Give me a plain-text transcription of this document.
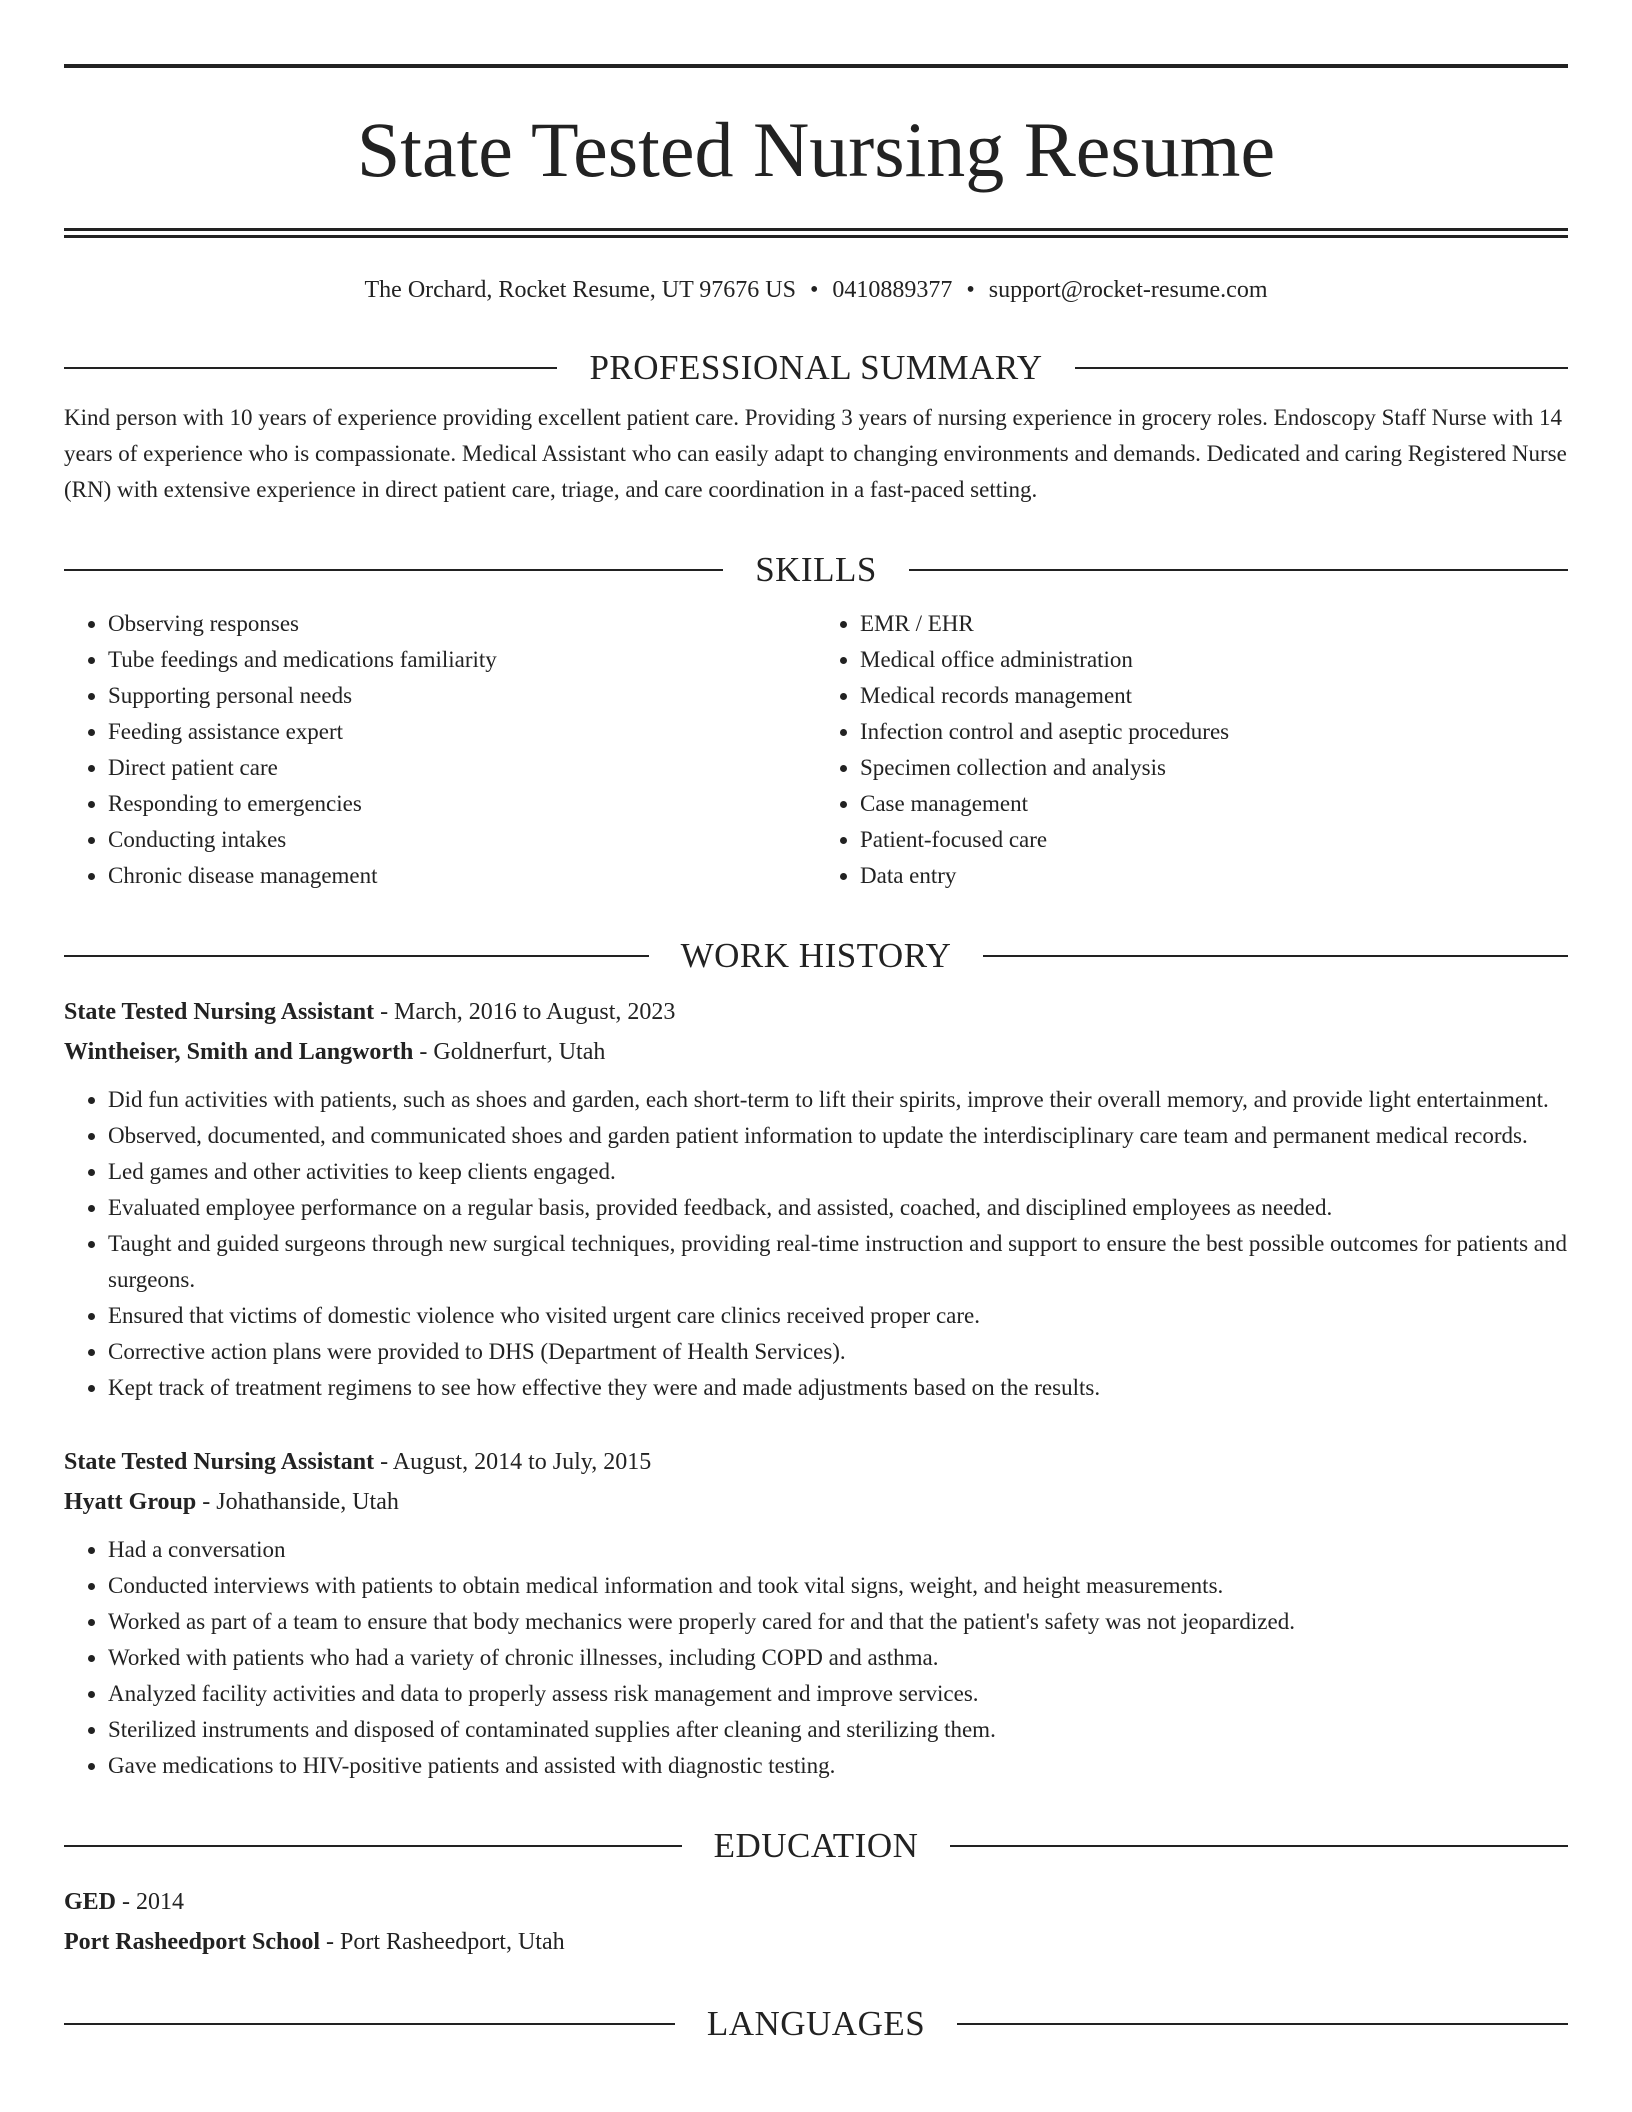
State Tested Nursing Resume
The Orchard, Rocket Resume, UT 97676 US • 0410889377 • support@rocket-resume.com
PROFESSIONAL SUMMARY
Kind person with 10 years of experience providing excellent patient care. Providing 3 years of nursing experience in grocery roles. Endoscopy Staff Nurse with 14 years of experience who is compassionate. Medical Assistant who can easily adapt to changing environments and demands. Dedicated and caring Registered Nurse (RN) with extensive experience in direct patient care, triage, and care coordination in a fast-paced setting.
SKILLS
• Observing responses
• Tube feedings and medications familiarity
• Supporting personal needs
• Feeding assistance expert
• Direct patient care
• Responding to emergencies
• Conducting intakes
• Chronic disease management
• EMR / EHR
• Medical office administration
• Medical records management
• Infection control and aseptic procedures
• Specimen collection and analysis
• Case management
• Patient-focused care
• Data entry
WORK HISTORY
State Tested Nursing Assistant - March, 2016 to August, 2023
Wintheiser, Smith and Langworth - Goldnerfurt, Utah
• Did fun activities with patients, such as shoes and garden, each short-term to lift their spirits, improve their overall memory, and provide light entertainment.
• Observed, documented, and communicated shoes and garden patient information to update the interdisciplinary care team and permanent medical records.
• Led games and other activities to keep clients engaged.
• Evaluated employee performance on a regular basis, provided feedback, and assisted, coached, and disciplined employees as needed.
• Taught and guided surgeons through new surgical techniques, providing real-time instruction and support to ensure the best possible outcomes for patients and surgeons.
• Ensured that victims of domestic violence who visited urgent care clinics received proper care.
• Corrective action plans were provided to DHS (Department of Health Services).
• Kept track of treatment regimens to see how effective they were and made adjustments based on the results.
State Tested Nursing Assistant - August, 2014 to July, 2015
Hyatt Group - Johathanside, Utah
• Had a conversation
• Conducted interviews with patients to obtain medical information and took vital signs, weight, and height measurements.
• Worked as part of a team to ensure that body mechanics were properly cared for and that the patient's safety was not jeopardized.
• Worked with patients who had a variety of chronic illnesses, including COPD and asthma.
• Analyzed facility activities and data to properly assess risk management and improve services.
• Sterilized instruments and disposed of contaminated supplies after cleaning and sterilizing them.
• Gave medications to HIV-positive patients and assisted with diagnostic testing.
EDUCATION
GED - 2014
Port Rasheedport School - Port Rasheedport, Utah
LANGUAGES
